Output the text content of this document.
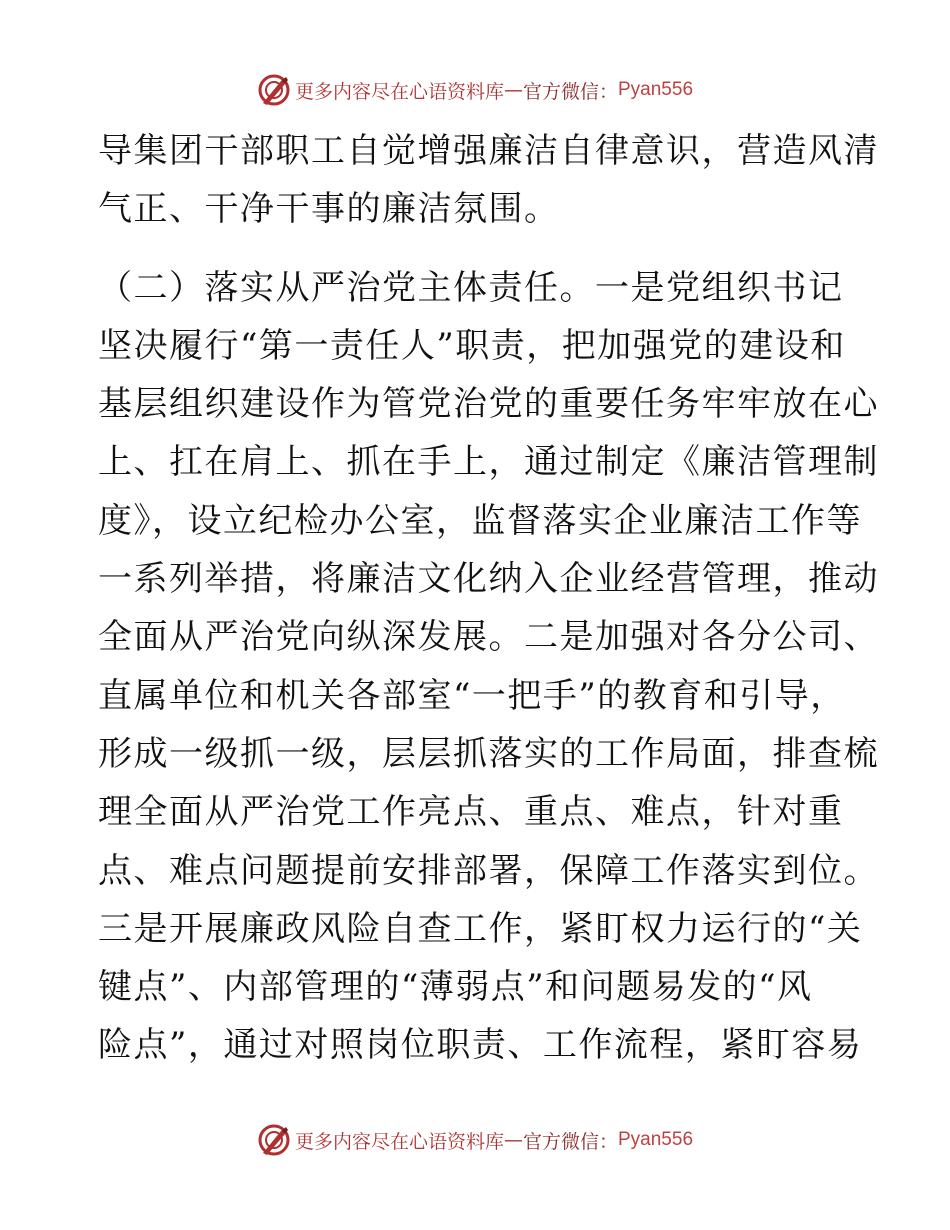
更多内容尽在心语资料库 — 官方微信： Pyan556
导集团干部职工自觉增强廉洁自律意识，营造风清
气正、干净干事的廉洁氛围。
（二）落实从严治党主体责任。一是党组织书记
坚决履行“第一责任人”职责，把加强党的建设和
基层组织建设作为管党治党的重要任务牢牢放在心
上、扛在肩上、抓在手上，通过制定《廉洁管理制
度》，设立纪检办公室，监督落实企业廉洁工作等
一系列举措，将廉洁文化纳入企业经营管理，推动
全面从严治党向纵深发展。二是加强对各分公司、
直属单位和机关各部室“一把手”的教育和引导，
形成一级抓一级，层层抓落实的工作局面，排查梳
理全面从严治党工作亮点、重点、难点，针对重
点、难点问题提前安排部署，保障工作落实到位。
三是开展廉政风险自查工作，紧盯权力运行的“关
键点”、内部管理的“薄弱点”和问题易发的“风
险点”，通过对照岗位职责、工作流程，紧盯容易
更多内容尽在心语资料库 — 官方微信： Pyan556
